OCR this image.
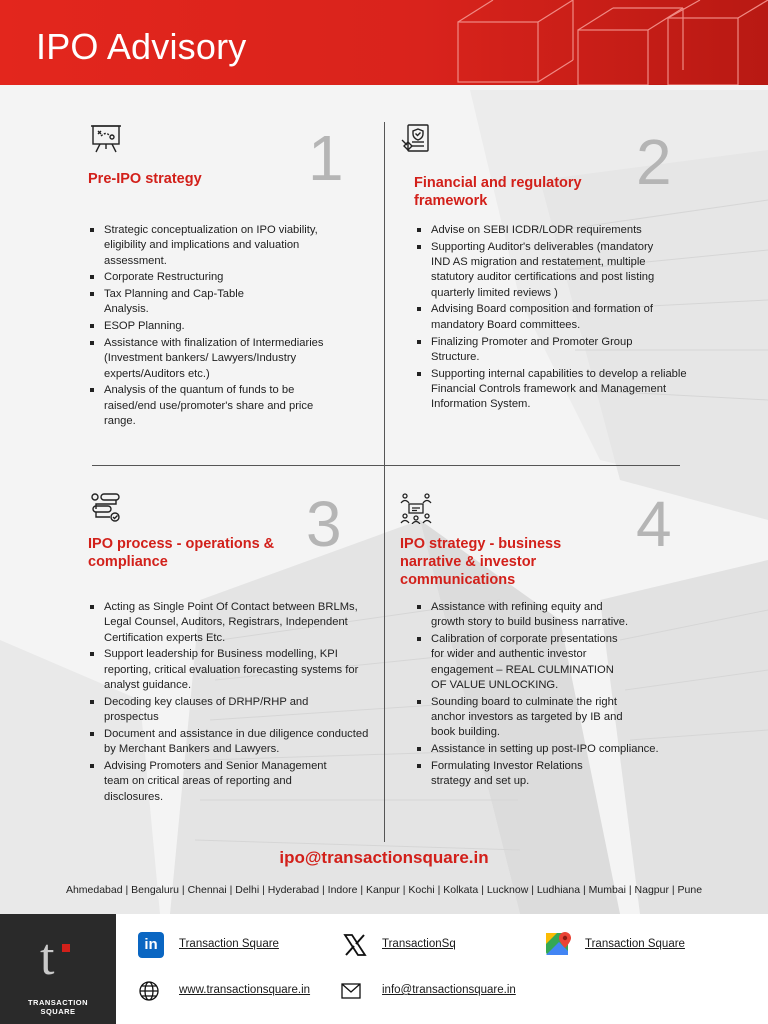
IPO Advisory
1
Pre-IPO strategy
Strategic conceptualization on IPO viability, eligibility and implications and valuation assessment.
Corporate Restructuring
Tax Planning and Cap-Table Analysis.
ESOP Planning.
Assistance with finalization of Intermediaries (Investment bankers/ Lawyers/Industry experts/Auditors etc.)
Analysis of the quantum of funds to be raised/end use/promoter's share and price range.
2
Financial and regulatory framework
Advise on SEBI ICDR/LODR requirements
Supporting Auditor's deliverables (mandatory IND AS migration and restatement, multiple statutory auditor certifications and post listing quarterly limited reviews )
Advising Board composition and formation of mandatory Board committees.
Finalizing Promoter and Promoter Group Structure.
Supporting internal capabilities to develop a reliable Financial Controls framework and Management Information System.
3
IPO process - operations & compliance
Acting as Single Point Of Contact between BRLMs, Legal Counsel, Auditors, Registrars, Independent Certification experts Etc.
Support leadership for Business modelling, KPI reporting, critical evaluation forecasting systems for analyst guidance.
Decoding key clauses of DRHP/RHP and prospectus
Document and assistance in due diligence conducted by Merchant Bankers and Lawyers.
Advising Promoters and Senior Management team on critical areas of reporting and disclosures.
4
IPO strategy - business narrative & investor communications
Assistance with refining equity and growth story to build business narrative.
Calibration of corporate presentations for wider and authentic investor engagement – REAL CULMINATION OF VALUE UNLOCKING.
Sounding board to culminate the right anchor investors as targeted by IB and book building.
Assistance in setting up post-IPO compliance.
Formulating Investor Relations strategy and set up.
ipo@transactionsquare.in
Ahmedabad | Bengaluru | Chennai | Delhi | Hyderabad | Indore | Kanpur | Kochi | Kolkata | Lucknow | Ludhiana | Mumbai | Nagpur | Pune
t
TRANSACTION
SQUARE
in	Transaction Square	TransactionSq	Transaction Square
www.transactionsquare.in	info@transactionsquare.in
